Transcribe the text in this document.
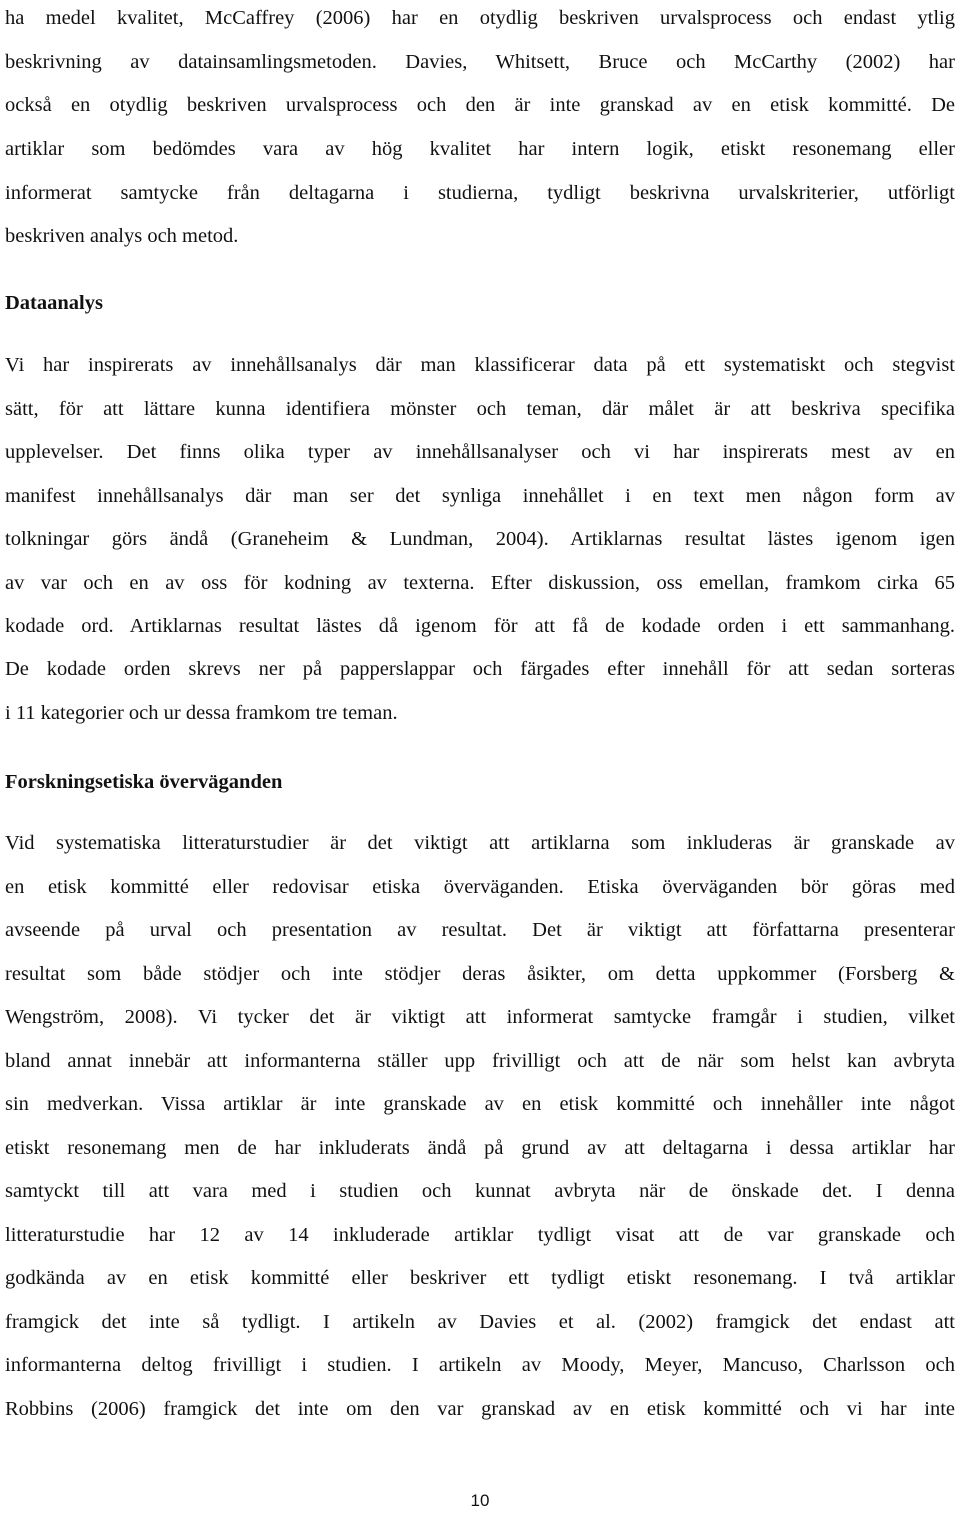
ha medel kvalitet, McCaffrey (2006) har en otydlig beskriven urvalsprocess och endast ytlig
beskrivning av datainsamlingsmetoden. Davies, Whitsett, Bruce och McCarthy (2002) har
också en otydlig beskriven urvalsprocess och den är inte granskad av en etisk kommitté. De
artiklar som bedömdes vara av hög kvalitet har intern logik, etiskt resonemang eller
informerat samtycke från deltagarna i studierna, tydligt beskrivna urvalskriterier, utförligt
beskriven analys och metod.
Dataanalys
Vi har inspirerats av innehållsanalys där man klassificerar data på ett systematiskt och stegvist
sätt, för att lättare kunna identifiera mönster och teman, där målet är att beskriva specifika
upplevelser. Det finns olika typer av innehållsanalyser och vi har inspirerats mest av en
manifest innehållsanalys där man ser det synliga innehållet i en text men någon form av
tolkningar görs ändå (Graneheim & Lundman, 2004). Artiklarnas resultat lästes igenom igen
av var och en av oss för kodning av texterna. Efter diskussion, oss emellan, framkom cirka 65
kodade ord. Artiklarnas resultat lästes då igenom för att få de kodade orden i ett sammanhang.
De kodade orden skrevs ner på papperslappar och färgades efter innehåll för att sedan sorteras
i 11 kategorier och ur dessa framkom tre teman.
Forskningsetiska överväganden
Vid systematiska litteraturstudier är det viktigt att artiklarna som inkluderas är granskade av
en etisk kommitté eller redovisar etiska överväganden. Etiska överväganden bör göras med
avseende på urval och presentation av resultat. Det är viktigt att författarna presenterar
resultat som både stödjer och inte stödjer deras åsikter, om detta uppkommer (Forsberg &
Wengström, 2008). Vi tycker det är viktigt att informerat samtycke framgår i studien, vilket
bland annat innebär att informanterna ställer upp frivilligt och att de när som helst kan avbryta
sin medverkan. Vissa artiklar är inte granskade av en etisk kommitté och innehåller inte något
etiskt resonemang men de har inkluderats ändå på grund av att deltagarna i dessa artiklar har
samtyckt till att vara med i studien och kunnat avbryta när de önskade det. I denna
litteraturstudie har 12 av 14 inkluderade artiklar tydligt visat att de var granskade och
godkända av en etisk kommitté eller beskriver ett tydligt etiskt resonemang. I två artiklar
framgick det inte så tydligt. I artikeln av Davies et al. (2002) framgick det endast att
informanterna deltog frivilligt i studien. I artikeln av Moody, Meyer, Mancuso, Charlsson och
Robbins (2006) framgick det inte om den var granskad av en etisk kommitté och vi har inte
10
